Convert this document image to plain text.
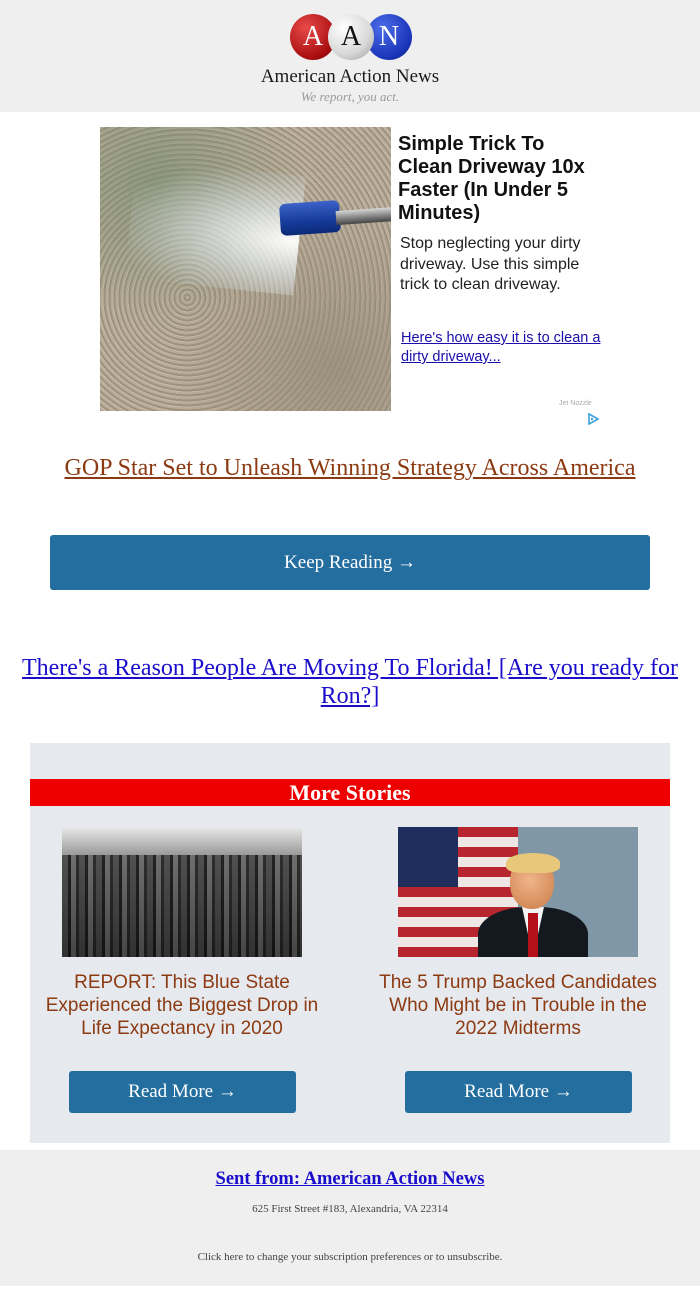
A A N
American Action News
We report, you act.
Simple Trick To Clean Driveway 10x Faster (In Under 5 Minutes)
Stop neglecting your dirty driveway. Use this simple trick to clean driveway.
Here's how easy it is to clean a dirty driveway...
Jet Nozzle
GOP Star Set to Unleash Winning Strategy Across America
Keep Reading →
There's a Reason People Are Moving To Florida! [Are you ready for Ron?]
More Stories
REPORT: This Blue State Experienced the Biggest Drop in Life Expectancy in 2020
The 5 Trump Backed Candidates Who Might be in Trouble in the 2022 Midterms
Read More →	Read More →
Sent from: American Action News
625 First Street #183, Alexandria, VA 22314
Click here to change your subscription preferences or to unsubscribe.
